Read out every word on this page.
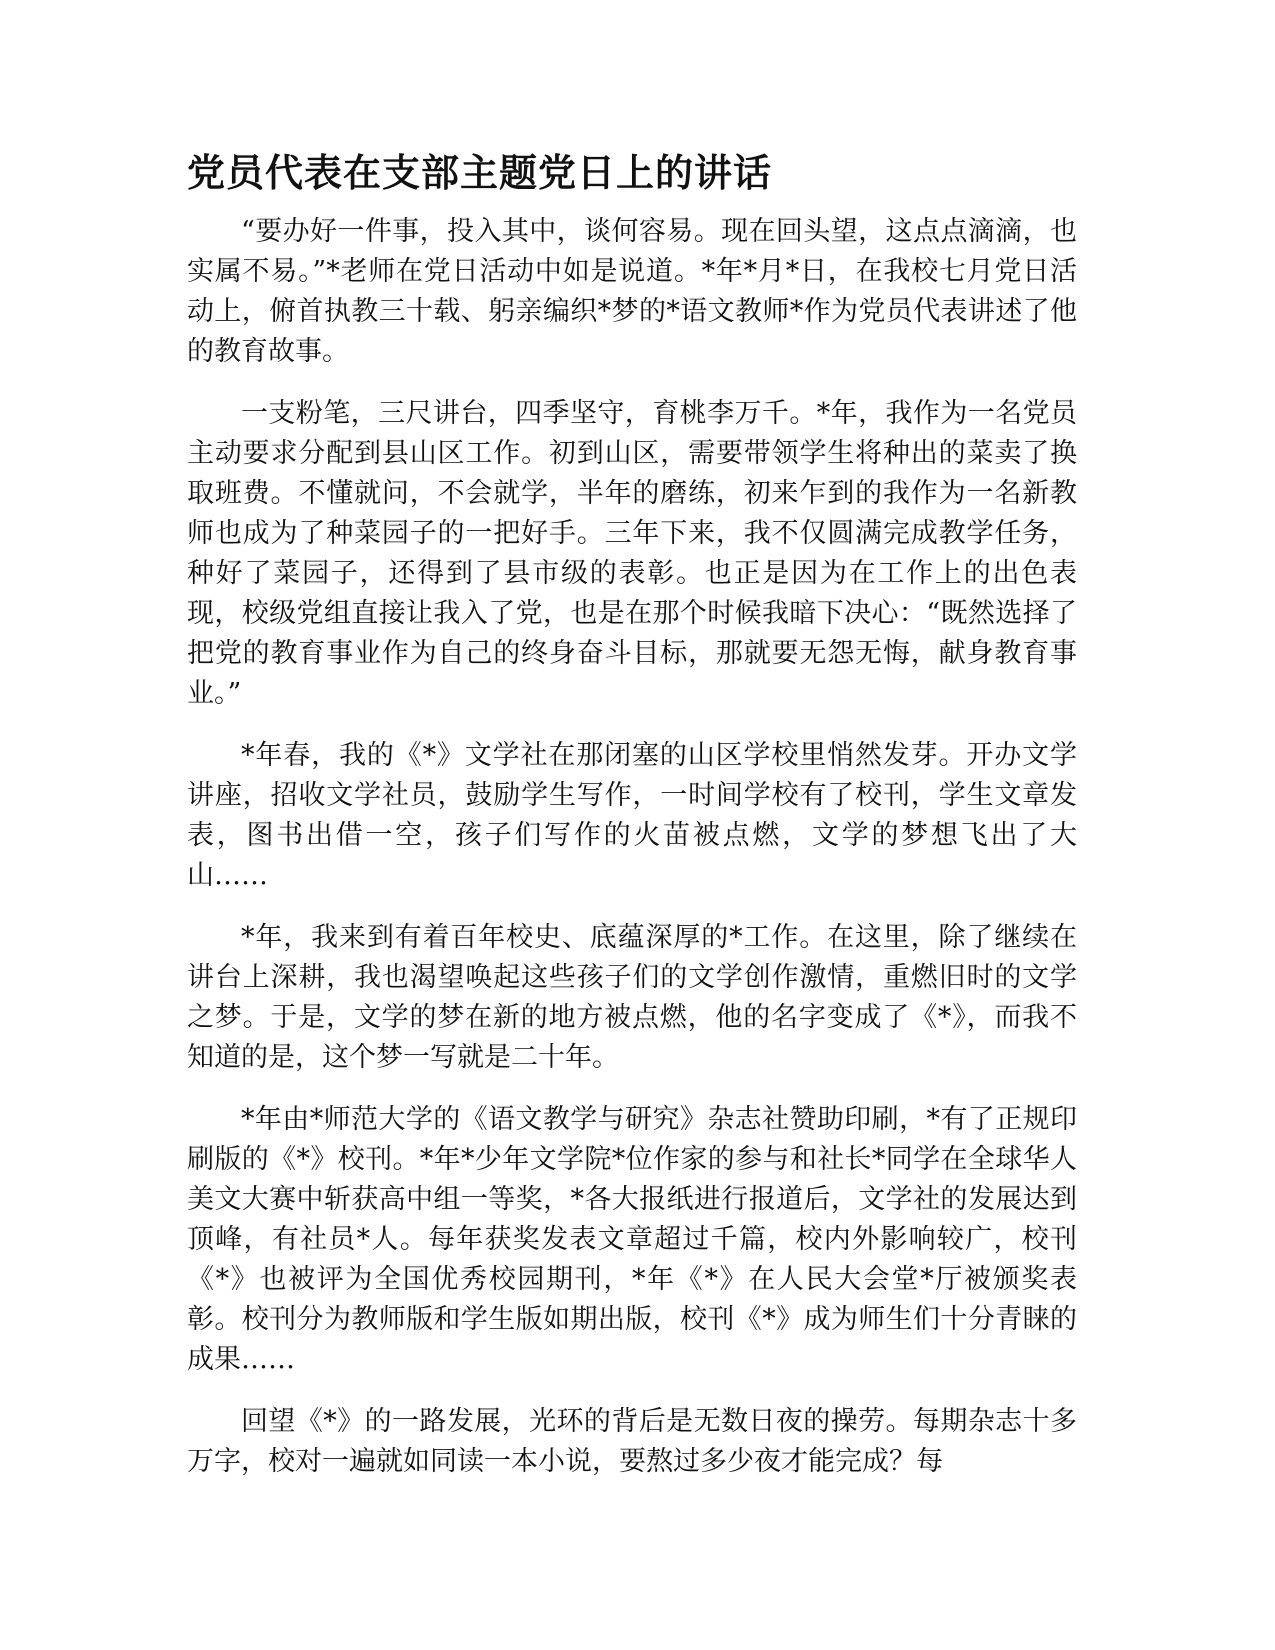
党员代表在支部主题党日上的讲话

“要办好一件事，投入其中，谈何容易。现在回头望，这点点滴滴，也实属不易。”*老师在党日活动中如是说道。*年*月*日，在我校七月党日活动上，俯首执教三十载、躬亲编织*梦的*语文教师*作为党员代表讲述了他的教育故事。

一支粉笔，三尺讲台，四季坚守，育桃李万千。*年，我作为一名党员主动要求分配到县山区工作。初到山区，需要带领学生将种出的菜卖了换取班费。不懂就问，不会就学，半年的磨练，初来乍到的我作为一名新教师也成为了种菜园子的一把好手。三年下来，我不仅圆满完成教学任务，种好了菜园子，还得到了县市级的表彰。也正是因为在工作上的出色表现，校级党组直接让我入了党，也是在那个时候我暗下决心：“既然选择了把党的教育事业作为自己的终身奋斗目标，那就要无怨无悔，献身教育事业。”

*年春，我的《*》文学社在那闭塞的山区学校里悄然发芽。开办文学讲座，招收文学社员，鼓励学生写作，一时间学校有了校刊，学生文章发表，图书出借一空，孩子们写作的火苗被点燃，文学的梦想飞出了大山……

*年，我来到有着百年校史、底蕴深厚的*工作。在这里，除了继续在讲台上深耕，我也渴望唤起这些孩子们的文学创作激情，重燃旧时的文学之梦。于是，文学的梦在新的地方被点燃，他的名字变成了《*》，而我不知道的是，这个梦一写就是二十年。

*年由*师范大学的《语文教学与研究》杂志社赞助印刷，*有了正规印刷版的《*》校刊。*年*少年文学院*位作家的参与和社长*同学在全球华人美文大赛中斩获高中组一等奖，*各大报纸进行报道后，文学社的发展达到顶峰，有社员*人。每年获奖发表文章超过千篇，校内外影响较广，校刊《*》也被评为全国优秀校园期刊，*年《*》在人民大会堂*厅被颁奖表彰。校刊分为教师版和学生版如期出版，校刊《*》成为师生们十分青睐的成果……

回望《*》的一路发展，光环的背后是无数日夜的操劳。每期杂志十多万字，校对一遍就如同读一本小说，要熬过多少夜才能完成？每
